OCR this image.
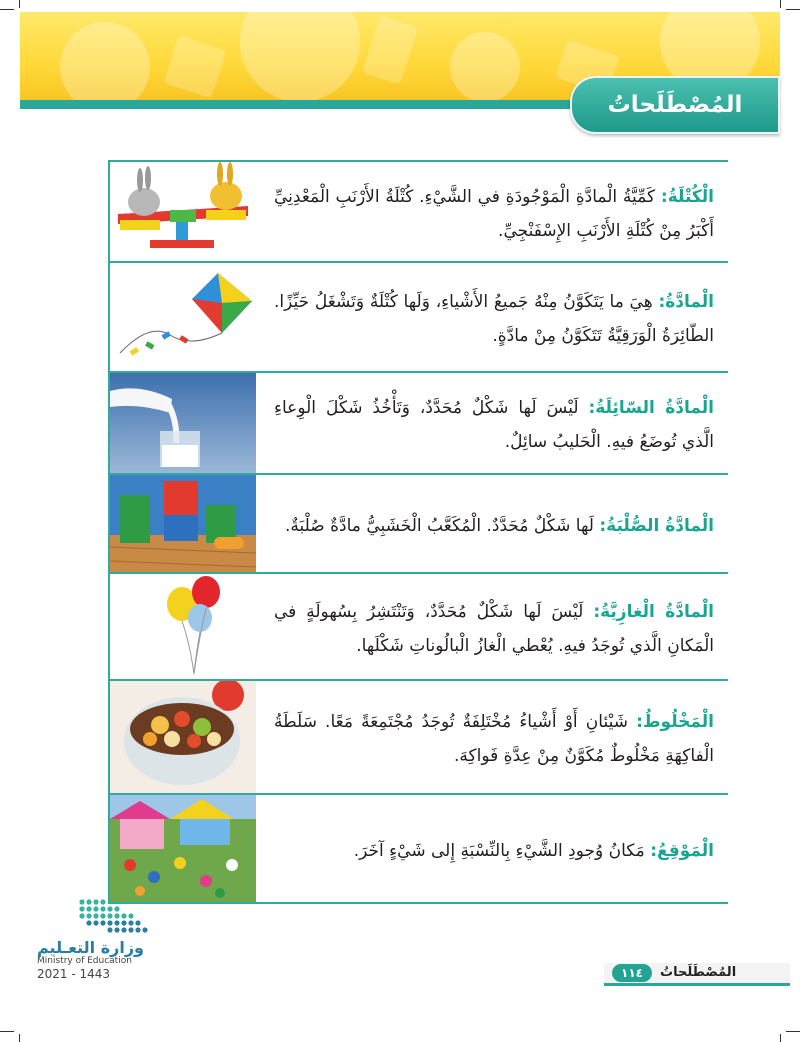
المُصْطَلَحاتُ
الْكُتْلَةُ: كَمِّيَّةُ الْمادَّةِ الْمَوْجُودَةِ في الشَّيْءِ. كُتْلَةُ الأَرْنَبِ الْمَعْدِنِيِّ أَكْبَرُ مِنْ كُتْلَةِ الأَرْنَبِ الإِسْفَنْجِيِّ.
الْمادَّةُ: هِيَ ما يَتَكَوَّنُ مِنْهُ جَميعُ الأَشْياءِ، وَلَها كُتْلَةٌ وَتَشْغَلُ حَيِّزًا. الطّائِرَةُ الْوَرَقِيَّةُ تَتَكَوَّنُ مِنْ مادَّةٍ.
الْمادَّةُ السّائِلَةُ: لَيْسَ لَها شَكْلٌ مُحَدَّدٌ، وَتَأْخُذُ شَكْلَ الْوِعاءِ الَّذي تُوضَعُ فيهِ. الْحَليبُ سائِلٌ.
الْمادَّةُ الصُّلْبَةُ: لَها شَكْلٌ مُحَدَّدٌ. الْمُكَعَّبُ الْخَشَبِيُّ مادَّةٌ صُلْبَةٌ.
الْمادَّةُ الْغازِيَّةُ: لَيْسَ لَها شَكْلٌ مُحَدَّدٌ، وَتَنْتَشِرُ بِسُهولَةٍ في الْمَكانِ الَّذي تُوجَدُ فيهِ. يُعْطي الْغازُ الْبالُوناتِ شَكْلَها.
الْمَخْلُوطُ: شَيْئانِ أَوْ أَشْياءُ مُخْتَلِفَةٌ تُوجَدُ مُجْتَمِعَةً مَعًا. سَلَطَةُ الْفاكِهَةِ مَخْلُوطٌ مُكَوَّنٌ مِنْ عِدَّةِ فَواكِهَ.
الْمَوْقِعُ: مَكانُ وُجودِ الشَّيْءِ بِالنِّسْبَةِ إِلى شَيْءٍ آخَرَ.
وزارة التعـليم
Ministry of Education
2021 - 1443	١١٤	المُصْطَلَحاتُ
